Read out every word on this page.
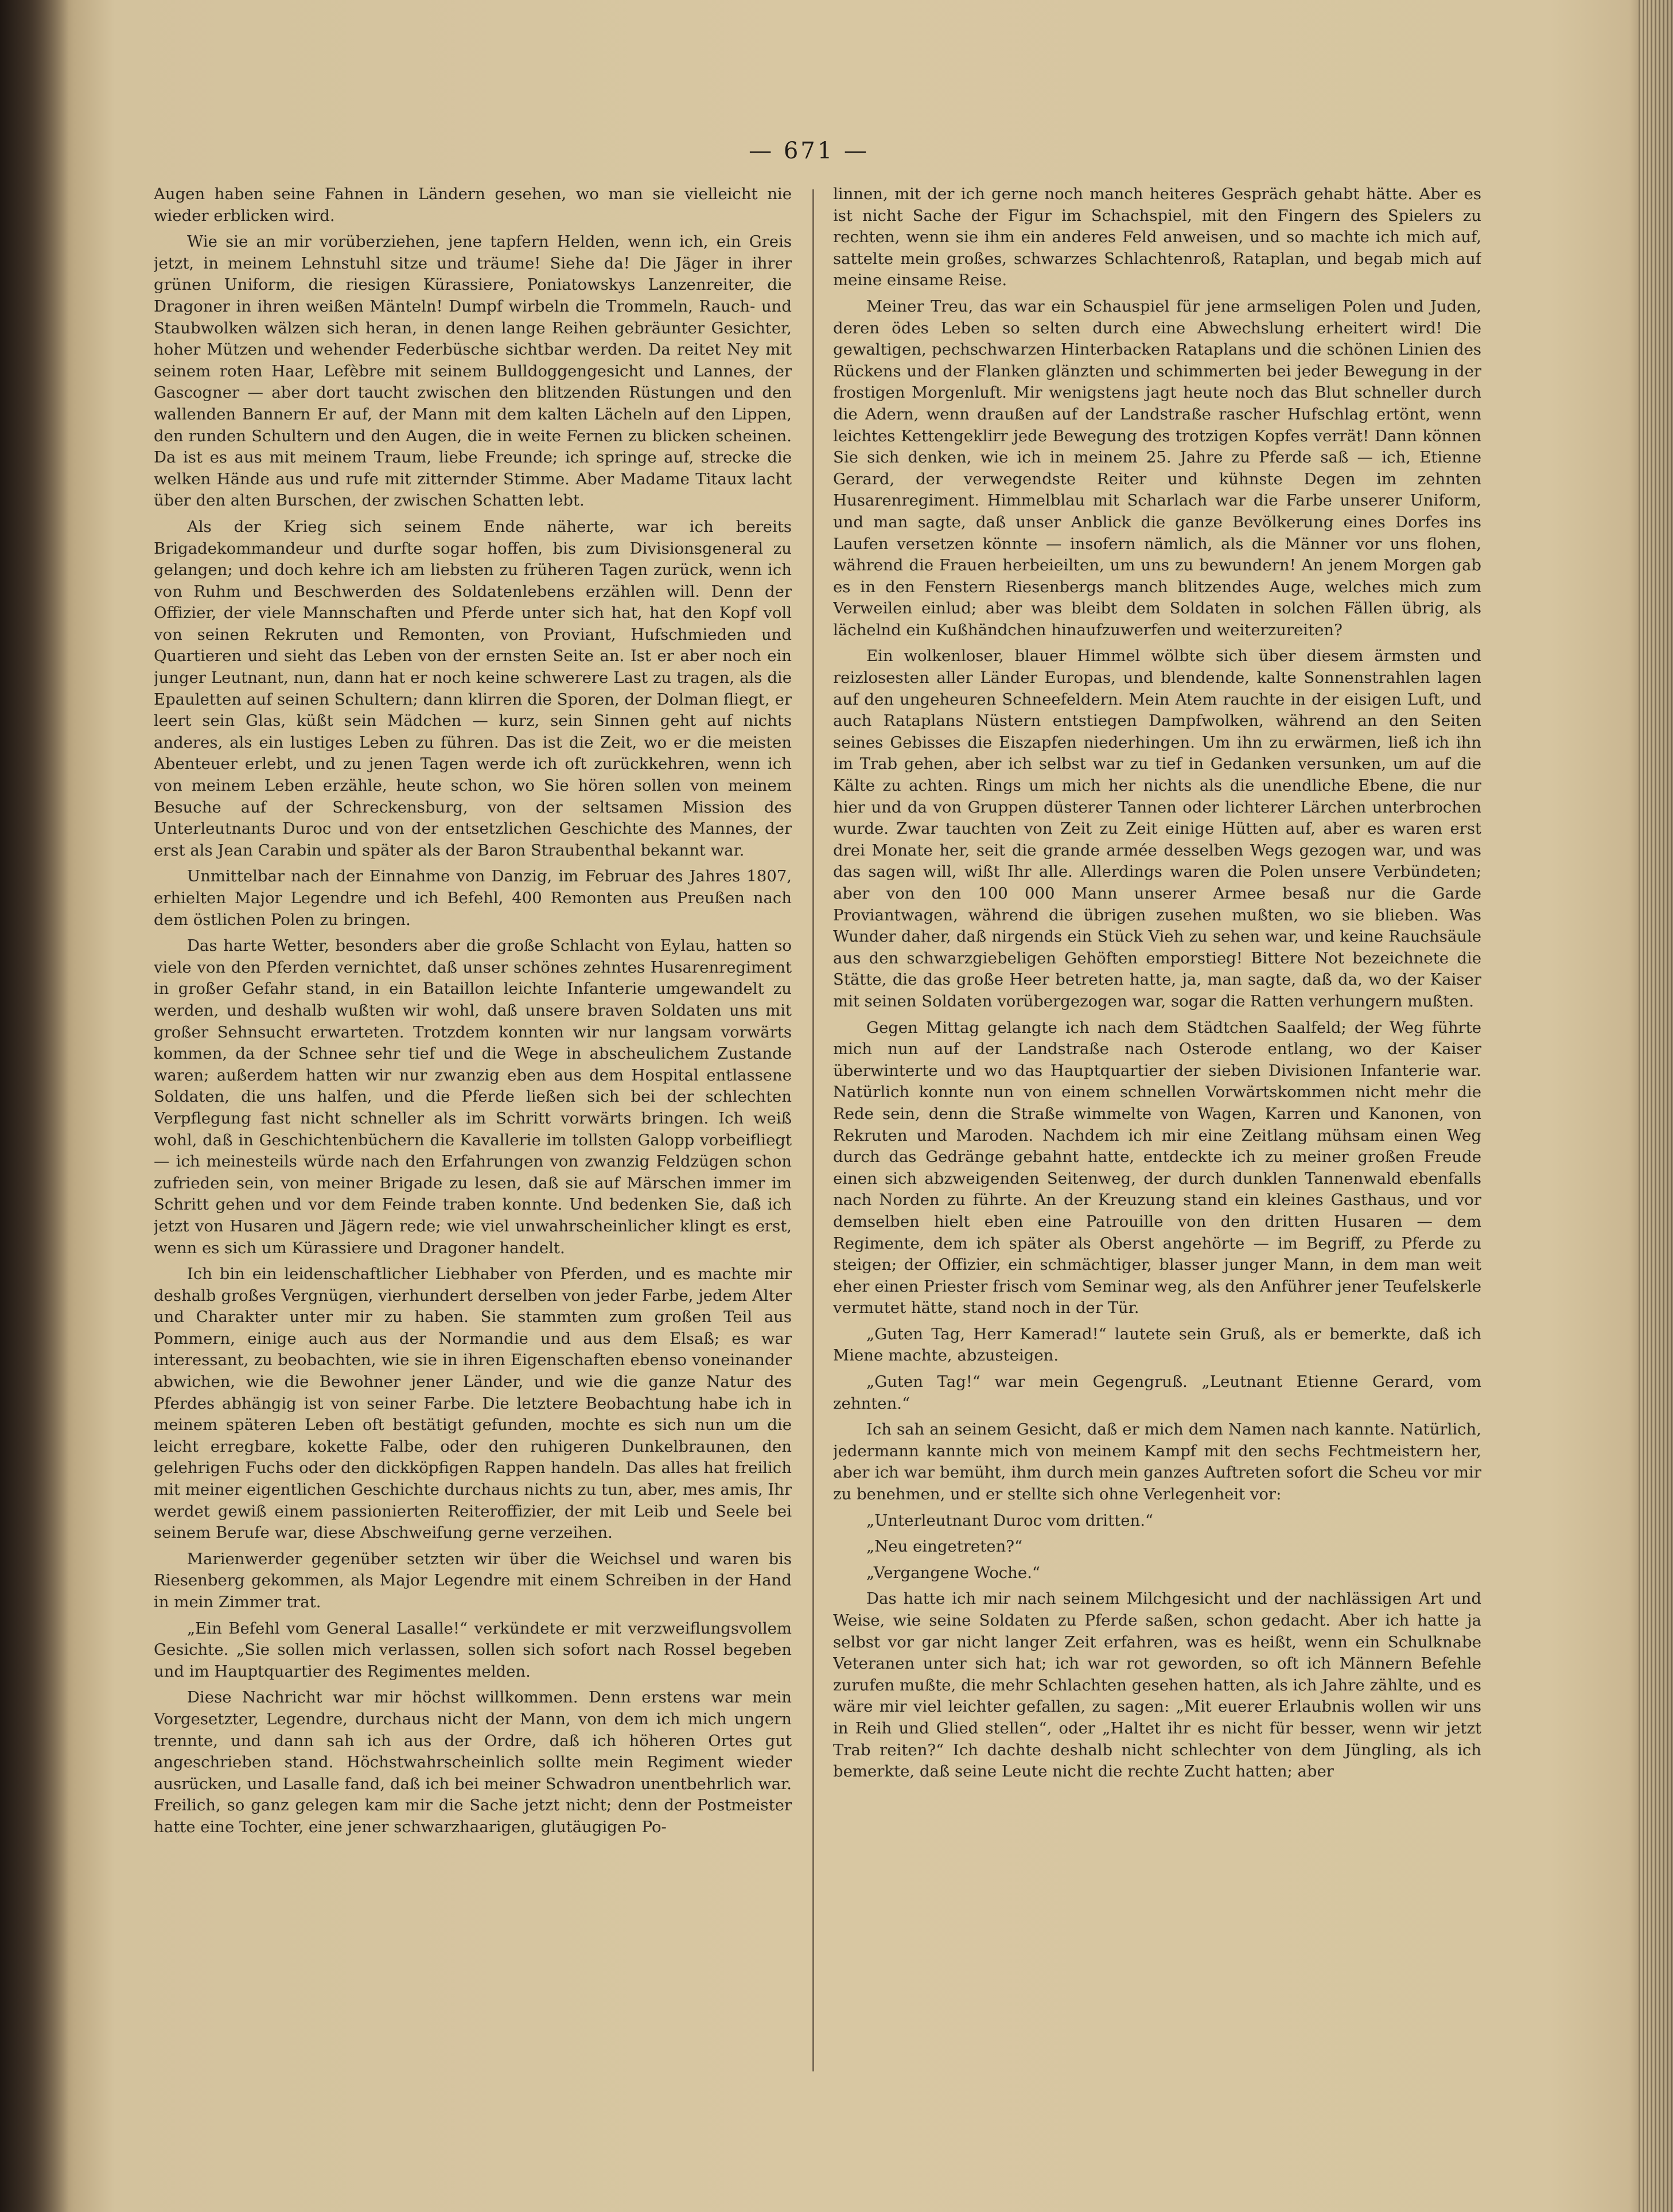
— 671 —

Augen haben seine Fahnen in Ländern gesehen, wo man sie vielleicht nie wieder erblicken wird.

Wie sie an mir vorüberziehen, jene tapfern Helden, wenn ich, ein Greis jetzt, in meinem Lehnstuhl sitze und träume! Siehe da! Die Jäger in ihrer grünen Uniform, die riesigen Kürassiere, Poniatowskys Lanzenreiter, die Dragoner in ihren weißen Mänteln! Dumpf wirbeln die Trommeln, Rauch- und Staubwolken wälzen sich heran, in denen lange Reihen gebräunter Gesichter, hoher Mützen und wehender Federbüsche sichtbar werden. Da reitet Ney mit seinem roten Haar, Lefèbre mit seinem Bulldoggengesicht und Lannes, der Gascogner — aber dort taucht zwischen den blitzenden Rüstungen und den wallenden Bannern Er auf, der Mann mit dem kalten Lächeln auf den Lippen, den runden Schultern und den Augen, die in weite Fernen zu blicken scheinen. Da ist es aus mit meinem Traum, liebe Freunde; ich springe auf, strecke die welken Hände aus und rufe mit zitternder Stimme. Aber Madame Titaux lacht über den alten Burschen, der zwischen Schatten lebt.

Als der Krieg sich seinem Ende näherte, war ich bereits Brigadekommandeur und durfte sogar hoffen, bis zum Divisionsgeneral zu gelangen; und doch kehre ich am liebsten zu früheren Tagen zurück, wenn ich von Ruhm und Beschwerden des Soldatenlebens erzählen will. Denn der Offizier, der viele Mannschaften und Pferde unter sich hat, hat den Kopf voll von seinen Rekruten und Remonten, von Proviant, Hufschmieden und Quartieren und sieht das Leben von der ernsten Seite an. Ist er aber noch ein junger Leutnant, nun, dann hat er noch keine schwerere Last zu tragen, als die Epauletten auf seinen Schultern; dann klirren die Sporen, der Dolman fliegt, er leert sein Glas, küßt sein Mädchen — kurz, sein Sinnen geht auf nichts anderes, als ein lustiges Leben zu führen. Das ist die Zeit, wo er die meisten Abenteuer erlebt, und zu jenen Tagen werde ich oft zurückkehren, wenn ich von meinem Leben erzähle, heute schon, wo Sie hören sollen von meinem Besuche auf der Schreckensburg, von der seltsamen Mission des Unterleutnants Duroc und von der entsetzlichen Geschichte des Mannes, der erst als Jean Carabin und später als der Baron Straubenthal bekannt war.

Unmittelbar nach der Einnahme von Danzig, im Februar des Jahres 1807, erhielten Major Legendre und ich Befehl, 400 Remonten aus Preußen nach dem östlichen Polen zu bringen.

Das harte Wetter, besonders aber die große Schlacht von Eylau, hatten so viele von den Pferden vernichtet, daß unser schönes zehntes Husarenregiment in großer Gefahr stand, in ein Bataillon leichte Infanterie umgewandelt zu werden, und deshalb wußten wir wohl, daß unsere braven Soldaten uns mit großer Sehnsucht erwarteten. Trotzdem konnten wir nur langsam vorwärts kommen, da der Schnee sehr tief und die Wege in abscheulichem Zustande waren; außerdem hatten wir nur zwanzig eben aus dem Hospital entlassene Soldaten, die uns halfen, und die Pferde ließen sich bei der schlechten Verpflegung fast nicht schneller als im Schritt vorwärts bringen. Ich weiß wohl, daß in Geschichtenbüchern die Kavallerie im tollsten Galopp vorbeifliegt — ich meinesteils würde nach den Erfahrungen von zwanzig Feldzügen schon zufrieden sein, von meiner Brigade zu lesen, daß sie auf Märschen immer im Schritt gehen und vor dem Feinde traben konnte. Und bedenken Sie, daß ich jetzt von Husaren und Jägern rede; wie viel unwahrscheinlicher klingt es erst, wenn es sich um Kürassiere und Dragoner handelt.

Ich bin ein leidenschaftlicher Liebhaber von Pferden, und es machte mir deshalb großes Vergnügen, vierhundert derselben von jeder Farbe, jedem Alter und Charakter unter mir zu haben. Sie stammten zum großen Teil aus Pommern, einige auch aus der Normandie und aus dem Elsaß; es war interessant, zu beobachten, wie sie in ihren Eigenschaften ebenso voneinander abwichen, wie die Bewohner jener Länder, und wie die ganze Natur des Pferdes abhängig ist von seiner Farbe. Die letztere Beobachtung habe ich in meinem späteren Leben oft bestätigt gefunden, mochte es sich nun um die leicht erregbare, kokette Falbe, oder den ruhigeren Dunkelbraunen, den gelehrigen Fuchs oder den dickköpfigen Rappen handeln. Das alles hat freilich mit meiner eigentlichen Geschichte durchaus nichts zu tun, aber, mes amis, Ihr werdet gewiß einem passionierten Reiteroffizier, der mit Leib und Seele bei seinem Berufe war, diese Abschweifung gerne verzeihen.

Marienwerder gegenüber setzten wir über die Weichsel und waren bis Riesenberg gekommen, als Major Legendre mit einem Schreiben in der Hand in mein Zimmer trat.

„Ein Befehl vom General Lasalle!“ verkündete er mit verzweiflungsvollem Gesichte. „Sie sollen mich verlassen, sollen sich sofort nach Rossel begeben und im Hauptquartier des Regimentes melden.

Diese Nachricht war mir höchst willkommen. Denn erstens war mein Vorgesetzter, Legendre, durchaus nicht der Mann, von dem ich mich ungern trennte, und dann sah ich aus der Ordre, daß ich höheren Ortes gut angeschrieben stand. Höchstwahrscheinlich sollte mein Regiment wieder ausrücken, und Lasalle fand, daß ich bei meiner Schwadron unentbehrlich war. Freilich, so ganz gelegen kam mir die Sache jetzt nicht; denn der Postmeister hatte eine Tochter, eine jener schwarzhaarigen, glutäugigen Po-

linnen, mit der ich gerne noch manch heiteres Gespräch gehabt hätte. Aber es ist nicht Sache der Figur im Schachspiel, mit den Fingern des Spielers zu rechten, wenn sie ihm ein anderes Feld anweisen, und so machte ich mich auf, sattelte mein großes, schwarzes Schlachtenroß, Rataplan, und begab mich auf meine einsame Reise.

Meiner Treu, das war ein Schauspiel für jene armseligen Polen und Juden, deren ödes Leben so selten durch eine Abwechslung erheitert wird! Die gewaltigen, pechschwarzen Hinterbacken Rataplans und die schönen Linien des Rückens und der Flanken glänzten und schimmerten bei jeder Bewegung in der frostigen Morgenluft. Mir wenigstens jagt heute noch das Blut schneller durch die Adern, wenn draußen auf der Landstraße rascher Hufschlag ertönt, wenn leichtes Kettengeklirr jede Bewegung des trotzigen Kopfes verrät! Dann können Sie sich denken, wie ich in meinem 25. Jahre zu Pferde saß — ich, Etienne Gerard, der verwegendste Reiter und kühnste Degen im zehnten Husarenregiment. Himmelblau mit Scharlach war die Farbe unserer Uniform, und man sagte, daß unser Anblick die ganze Bevölkerung eines Dorfes ins Laufen versetzen könnte — insofern nämlich, als die Männer vor uns flohen, während die Frauen herbeieilten, um uns zu bewundern! An jenem Morgen gab es in den Fenstern Riesenbergs manch blitzendes Auge, welches mich zum Verweilen einlud; aber was bleibt dem Soldaten in solchen Fällen übrig, als lächelnd ein Kußhändchen hinaufzuwerfen und weiterzureiten?

Ein wolkenloser, blauer Himmel wölbte sich über diesem ärmsten und reizlosesten aller Länder Europas, und blendende, kalte Sonnenstrahlen lagen auf den ungeheuren Schneefeldern. Mein Atem rauchte in der eisigen Luft, und auch Rataplans Nüstern entstiegen Dampfwolken, während an den Seiten seines Gebisses die Eiszapfen niederhingen. Um ihn zu erwärmen, ließ ich ihn im Trab gehen, aber ich selbst war zu tief in Gedanken versunken, um auf die Kälte zu achten. Rings um mich her nichts als die unendliche Ebene, die nur hier und da von Gruppen düsterer Tannen oder lichterer Lärchen unterbrochen wurde. Zwar tauchten von Zeit zu Zeit einige Hütten auf, aber es waren erst drei Monate her, seit die grande armée desselben Wegs gezogen war, und was das sagen will, wißt Ihr alle. Allerdings waren die Polen unsere Verbündeten; aber von den 100 000 Mann unserer Armee besaß nur die Garde Proviantwagen, während die übrigen zusehen mußten, wo sie blieben. Was Wunder daher, daß nirgends ein Stück Vieh zu sehen war, und keine Rauchsäule aus den schwarzgiebeligen Gehöften emporstieg! Bittere Not bezeichnete die Stätte, die das große Heer betreten hatte, ja, man sagte, daß da, wo der Kaiser mit seinen Soldaten vorübergezogen war, sogar die Ratten verhungern mußten.

Gegen Mittag gelangte ich nach dem Städtchen Saalfeld; der Weg führte mich nun auf der Landstraße nach Osterode entlang, wo der Kaiser überwinterte und wo das Hauptquartier der sieben Divisionen Infanterie war. Natürlich konnte nun von einem schnellen Vorwärtskommen nicht mehr die Rede sein, denn die Straße wimmelte von Wagen, Karren und Kanonen, von Rekruten und Maroden. Nachdem ich mir eine Zeitlang mühsam einen Weg durch das Gedränge gebahnt hatte, entdeckte ich zu meiner großen Freude einen sich abzweigenden Seitenweg, der durch dunklen Tannenwald ebenfalls nach Norden zu führte. An der Kreuzung stand ein kleines Gasthaus, und vor demselben hielt eben eine Patrouille von den dritten Husaren — dem Regimente, dem ich später als Oberst angehörte — im Begriff, zu Pferde zu steigen; der Offizier, ein schmächtiger, blasser junger Mann, in dem man weit eher einen Priester frisch vom Seminar weg, als den Anführer jener Teufelskerle vermutet hätte, stand noch in der Tür.

„Guten Tag, Herr Kamerad!“ lautete sein Gruß, als er bemerkte, daß ich Miene machte, abzusteigen.

„Guten Tag!“ war mein Gegengruß. „Leutnant Etienne Gerard, vom zehnten.“

Ich sah an seinem Gesicht, daß er mich dem Namen nach kannte. Natürlich, jedermann kannte mich von meinem Kampf mit den sechs Fechtmeistern her, aber ich war bemüht, ihm durch mein ganzes Auftreten sofort die Scheu vor mir zu benehmen, und er stellte sich ohne Verlegenheit vor:

„Unterleutnant Duroc vom dritten.“

„Neu eingetreten?“

„Vergangene Woche.“

Das hatte ich mir nach seinem Milchgesicht und der nachlässigen Art und Weise, wie seine Soldaten zu Pferde saßen, schon gedacht. Aber ich hatte ja selbst vor gar nicht langer Zeit erfahren, was es heißt, wenn ein Schulknabe Veteranen unter sich hat; ich war rot geworden, so oft ich Männern Befehle zurufen mußte, die mehr Schlachten gesehen hatten, als ich Jahre zählte, und es wäre mir viel leichter gefallen, zu sagen: „Mit euerer Erlaubnis wollen wir uns in Reih und Glied stellen“, oder „Haltet ihr es nicht für besser, wenn wir jetzt Trab reiten?“ Ich dachte deshalb nicht schlechter von dem Jüngling, als ich bemerkte, daß seine Leute nicht die rechte Zucht hatten; aber
